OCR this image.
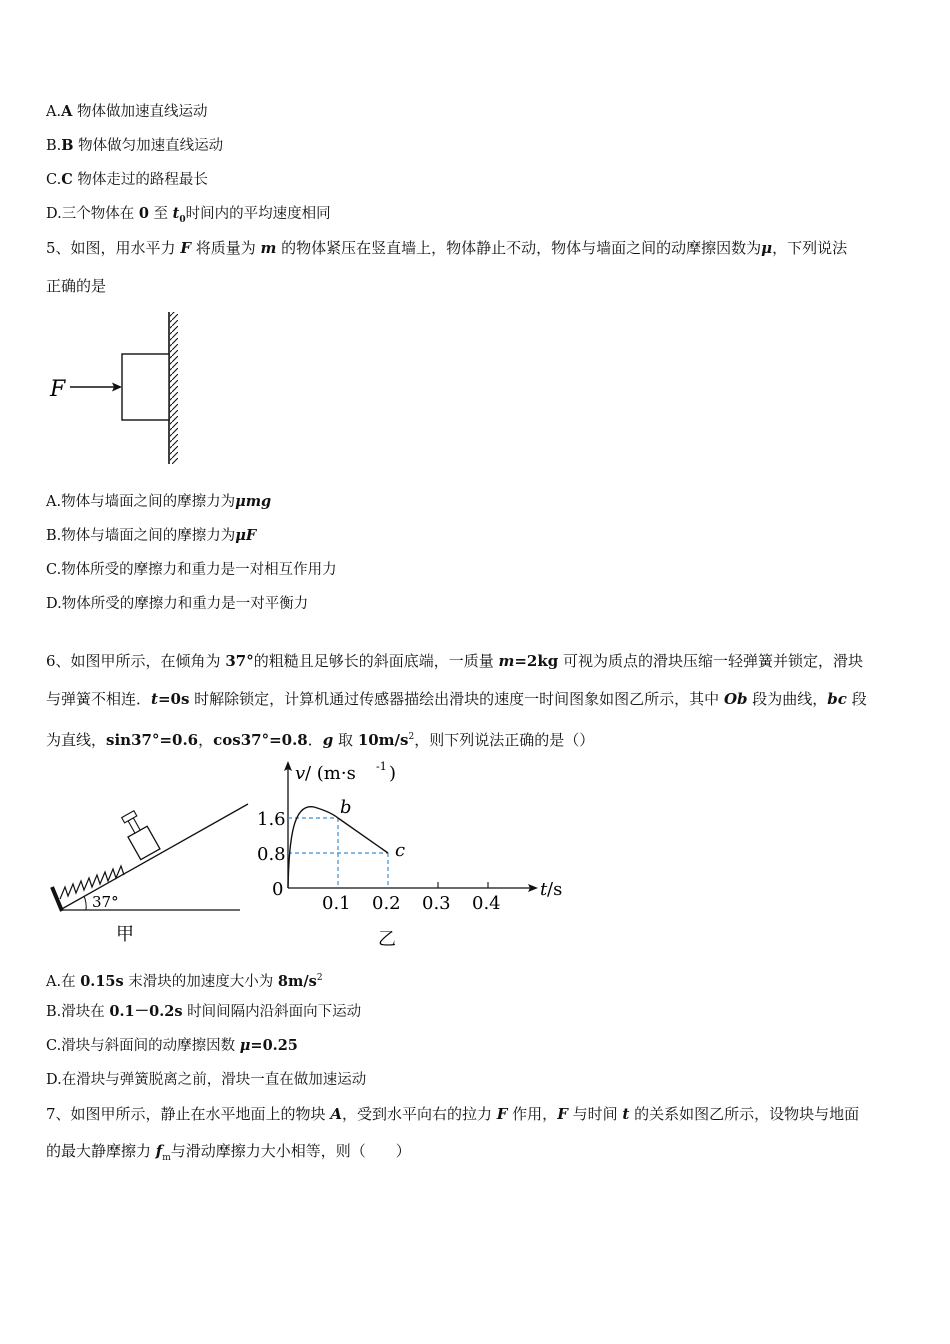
A.A 物体做加速直线运动
B.B 物体做匀加速直线运动
C.C 物体走过的路程最长
D.三个物体在 0 至 $t_0$时间内的平均速度相同
5、如图，用水平力 F 将质量为 m 的物体紧压在竖直墙上，物体静止不动，物体与墙面之间的动摩擦因数为μ，下列说法
正确的是
F
A.物体与墙面之间的摩擦力为μmg
B.物体与墙面之间的摩擦力为μF
C.物体所受的摩擦力和重力是一对相互作用力
D.物体所受的摩擦力和重力是一对平衡力
6、如图甲所示，在倾角为 37°的粗糙且足够长的斜面底端，一质量 m=2kg 可视为质点的滑块压缩一轻弹簧并锁定，滑块
与弹簧不相连．t=0s 时解除锁定，计算机通过传感器描绘出滑块的速度一时间图象如图乙所示，其中 Ob 段为曲线，bc 段
为直线，sin37°=0.6，cos37°=0.8．g 取 $10m/s^2$，则下列说法正确的是（）
37°
甲
v / (m·s -1 )
1.6
0.8
0
0.1 0.2 0.3 0.4
t /s
b
c
乙
A.在 0.15s 末滑块的加速度大小为 $8m/s^2$
B.滑块在 0.1－0.2s 时间间隔内沿斜面向下运动
C.滑块与斜面间的动摩擦因数 μ=0.25
D.在滑块与弹簧脱离之前，滑块一直在做加速运动
7、如图甲所示，静止在水平地面上的物块 A，受到水平向右的拉力 F 作用，F 与时间 t 的关系如图乙所示，设物块与地面
的最大静摩擦力 $f_m$与滑动摩擦力大小相等，则（　　）
